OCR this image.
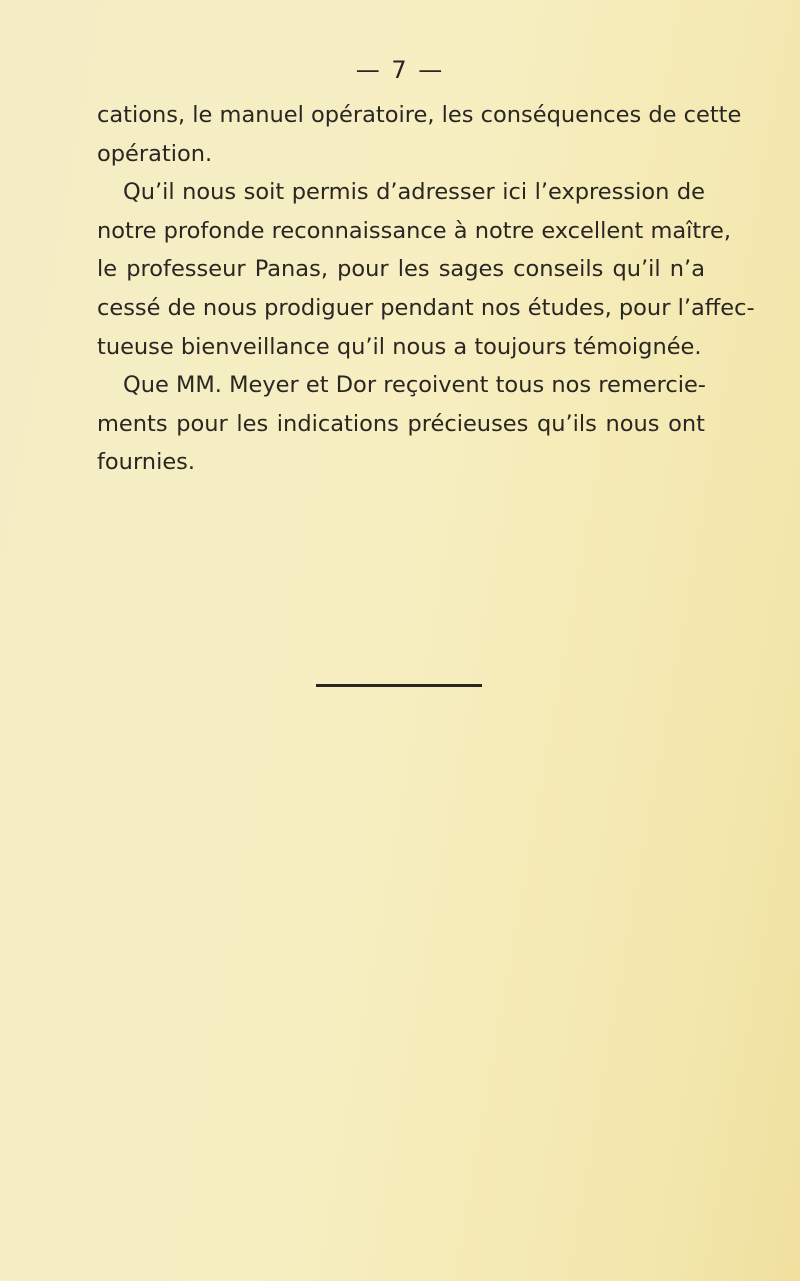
— 7 —
cations, le manuel opératoire, les conséquences de cette
opération.
Qu’il nous soit permis d’adresser ici l’expression de
notre profonde reconnaissance à notre excellent maître,
le professeur Panas, pour les sages conseils qu’il n’a
cessé de nous prodiguer pendant nos études, pour l’affec-
tueuse bienveillance qu’il nous a toujours témoignée.
Que MM. Meyer et Dor reçoivent tous nos remercie-
ments pour les indications précieuses qu’ils nous ont
fournies.
